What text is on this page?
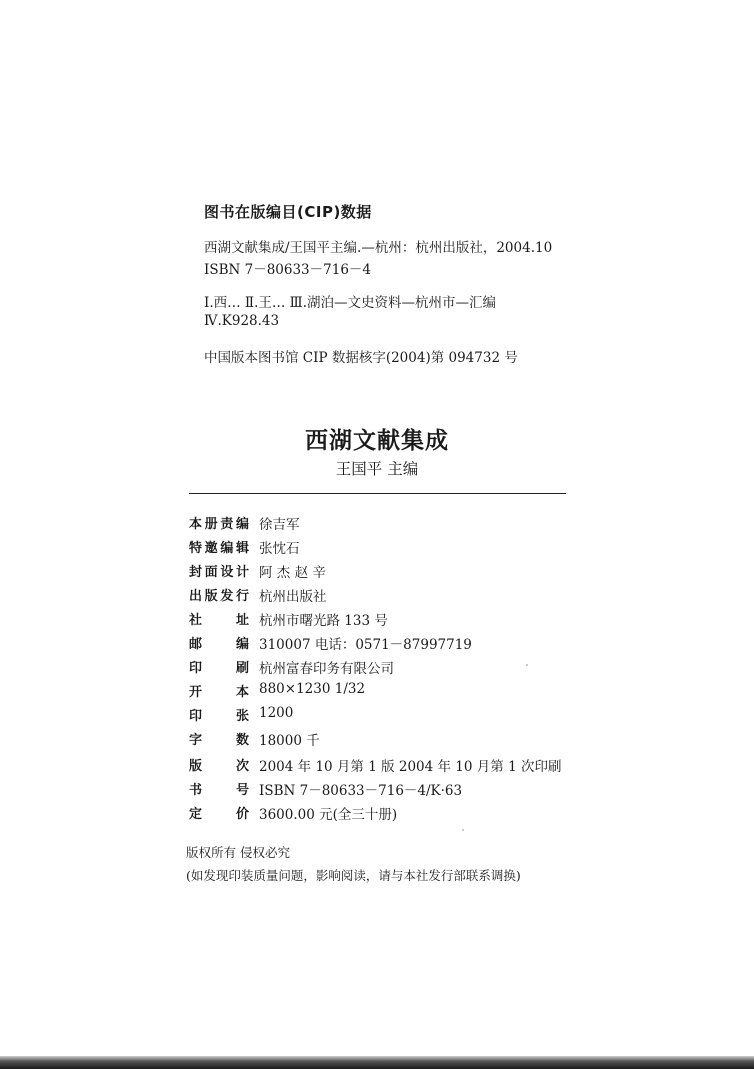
图书在版编目(CIP)数据
西湖文献集成/王国平主编.—杭州：杭州出版社，2004.10
ISBN 7－80633－716－4
Ⅰ.西… Ⅱ.王… Ⅲ.湖泊—文史资料—杭州市—汇编
Ⅳ.K928.43
中国版本图书馆 CIP 数据核字(2004)第 094732 号
西湖文献集成
王国平 主编
本册责编 徐吉军
特邀编辑 张忱石
封面设计 阿 杰 赵 辛
出版发行 杭州出版社
社址 杭州市曙光路 133 号
邮编 310007 电话：0571－87997719
印刷 杭州富春印务有限公司
开本 880×1230 1/32
印张 1200
字数 18000 千
版次 2004 年 10 月第 1 版 2004 年 10 月第 1 次印刷
书号 ISBN 7－80633－716－4/K·63
定价 3600.00 元(全三十册)
版权所有 侵权必究
(如发现印装质量问题，影响阅读，请与本社发行部联系调换)
